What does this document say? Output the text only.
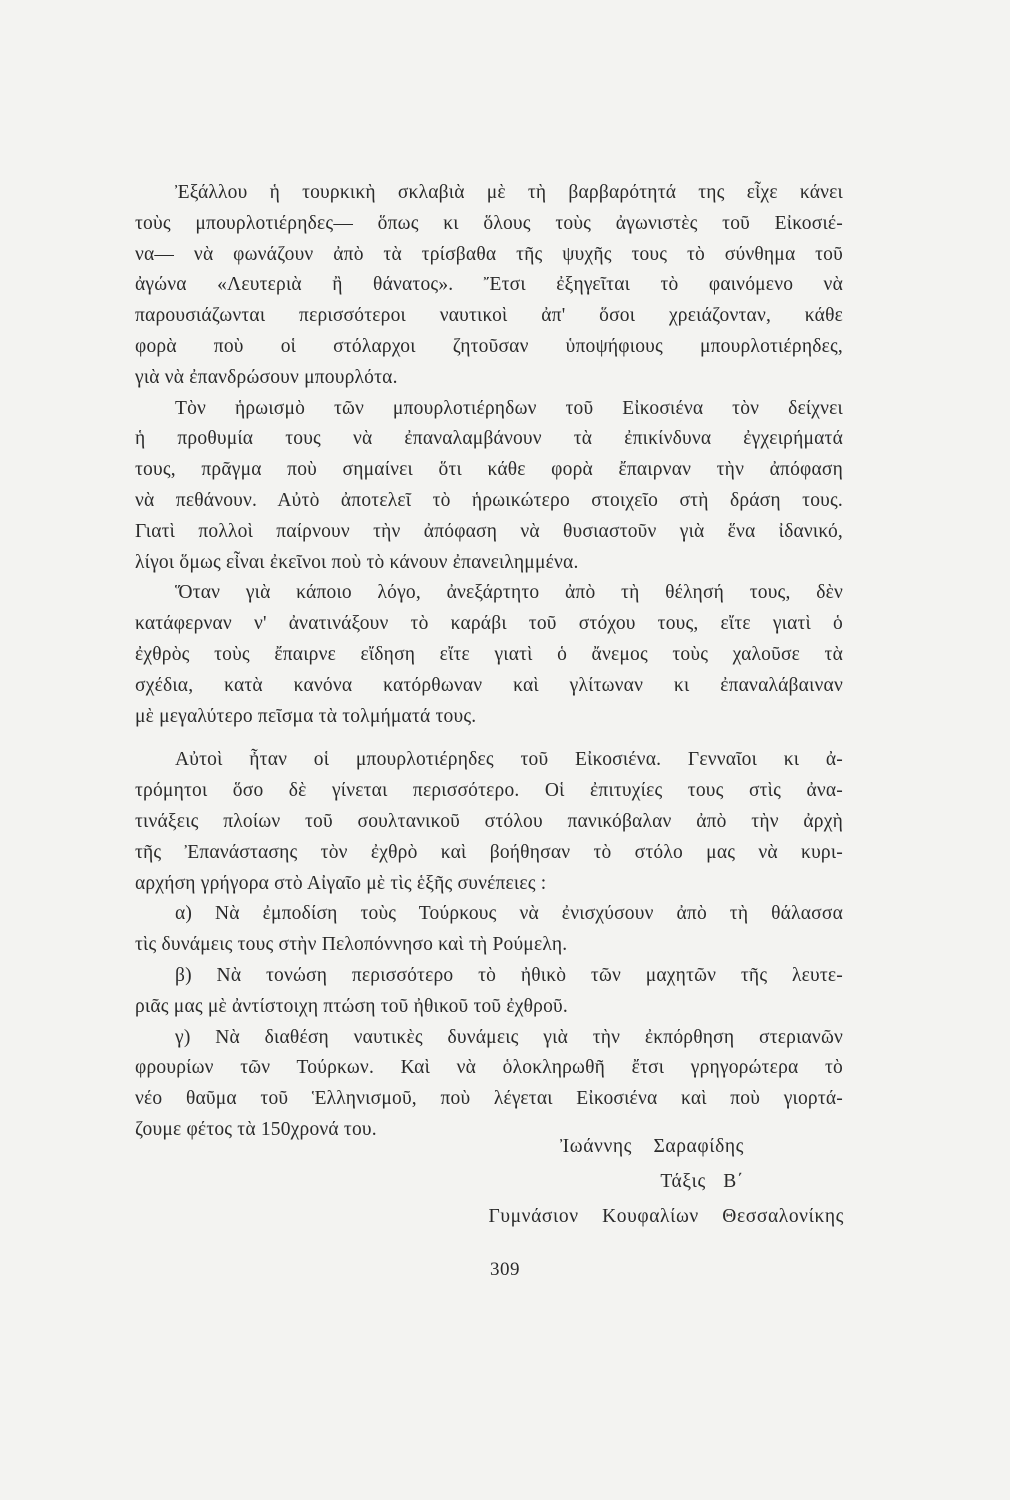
Ἐξάλλου ἡ τουρκικὴ σκλαβιὰ μὲ τὴ βαρβαρότητά της εἶχε κάνει
τοὺς μπουρλοτιέρηδες— ὅπως κι ὅλους τοὺς ἀγωνιστὲς τοῦ Εἰκοσιέ-
να— νὰ φωνάζουν ἀπὸ τὰ τρίσβαθα τῆς ψυχῆς τους τὸ σύνθημα τοῦ
ἀγώνα «Λευτεριὰ ἢ θάνατος». Ἔτσι ἐξηγεῖται τὸ φαινόμενο νὰ
παρουσιάζωνται περισσότεροι ναυτικοὶ ἀπ' ὅσοι χρειάζονταν, κάθε
φορὰ ποὺ οἱ στόλαρχοι ζητοῦσαν ὑποψήφιους μπουρλοτιέρηδες,
γιὰ νὰ ἐπανδρώσουν μπουρλότα.
Τὸν ἡρωισμὸ τῶν μπουρλοτιέρηδων τοῦ Εἰκοσιένα τὸν δείχνει
ἡ προθυμία τους νὰ ἐπαναλαμβάνουν τὰ ἐπικίνδυνα ἐγχειρήματά
τους, πρᾶγμα ποὺ σημαίνει ὅτι κάθε φορὰ ἔπαιρναν τὴν ἀπόφαση
νὰ πεθάνουν. Αὐτὸ ἀποτελεῖ τὸ ἡρωικώτερο στοιχεῖο στὴ δράση τους.
Γιατὶ πολλοὶ παίρνουν τὴν ἀπόφαση νὰ θυσιαστοῦν γιὰ ἕνα ἰδανικό,
λίγοι ὅμως εἶναι ἐκεῖνοι ποὺ τὸ κάνουν ἐπανειλημμένα.
Ὅταν γιὰ κάποιο λόγο, ἀνεξάρτητο ἀπὸ τὴ θέλησή τους, δὲν
κατάφερναν ν' ἀνατινάξουν τὸ καράβι τοῦ στόχου τους, εἴτε γιατὶ ὁ
ἐχθρὸς τοὺς ἔπαιρνε εἴδηση εἴτε γιατὶ ὁ ἄνεμος τοὺς χαλοῦσε τὰ
σχέδια, κατὰ κανόνα κατόρθωναν καὶ γλίτωναν κι ἐπαναλάβαιναν
μὲ μεγαλύτερο πεῖσμα τὰ τολμήματά τους.
Αὐτοὶ ἦταν οἱ μπουρλοτιέρηδες τοῦ Εἰκοσιένα. Γενναῖοι κι ἀ-
τρόμητοι ὅσο δὲ γίνεται περισσότερο. Οἱ ἐπιτυχίες τους στὶς ἀνα-
τινάξεις πλοίων τοῦ σουλτανικοῦ στόλου πανικόβαλαν ἀπὸ τὴν ἀρχὴ
τῆς Ἐπανάστασης τὸν ἐχθρὸ καὶ βοήθησαν τὸ στόλο μας νὰ κυρι-
αρχήση γρήγορα στὸ Αἰγαῖο μὲ τὶς ἑξῆς συνέπειες :
α) Νὰ ἐμποδίση τοὺς Τούρκους νὰ ἐνισχύσουν ἀπὸ τὴ θάλασσα
τὶς δυνάμεις τους στὴν Πελοπόννησο καὶ τὴ Ρούμελη.
β) Νὰ τονώση περισσότερο τὸ ἠθικὸ τῶν μαχητῶν τῆς λευτε-
ριᾶς μας μὲ ἀντίστοιχη πτώση τοῦ ἠθικοῦ τοῦ ἐχθροῦ.
γ) Νὰ διαθέση ναυτικὲς δυνάμεις γιὰ τὴν ἐκπόρθηση στεριανῶν
φρουρίων τῶν Τούρκων. Καὶ νὰ ὁλοκληρωθῆ ἔτσι γρηγορώτερα τὸ
νέο θαῦμα τοῦ Ἑλληνισμοῦ, ποὺ λέγεται Εἰκοσιένα καὶ ποὺ γιορτά-
ζουμε φέτος τὰ 150χρονά του.
Ἰωάννης Σαραφίδης
Τάξις Β΄
Γυμνάσιον Κουφαλίων Θεσσαλονίκης
309
